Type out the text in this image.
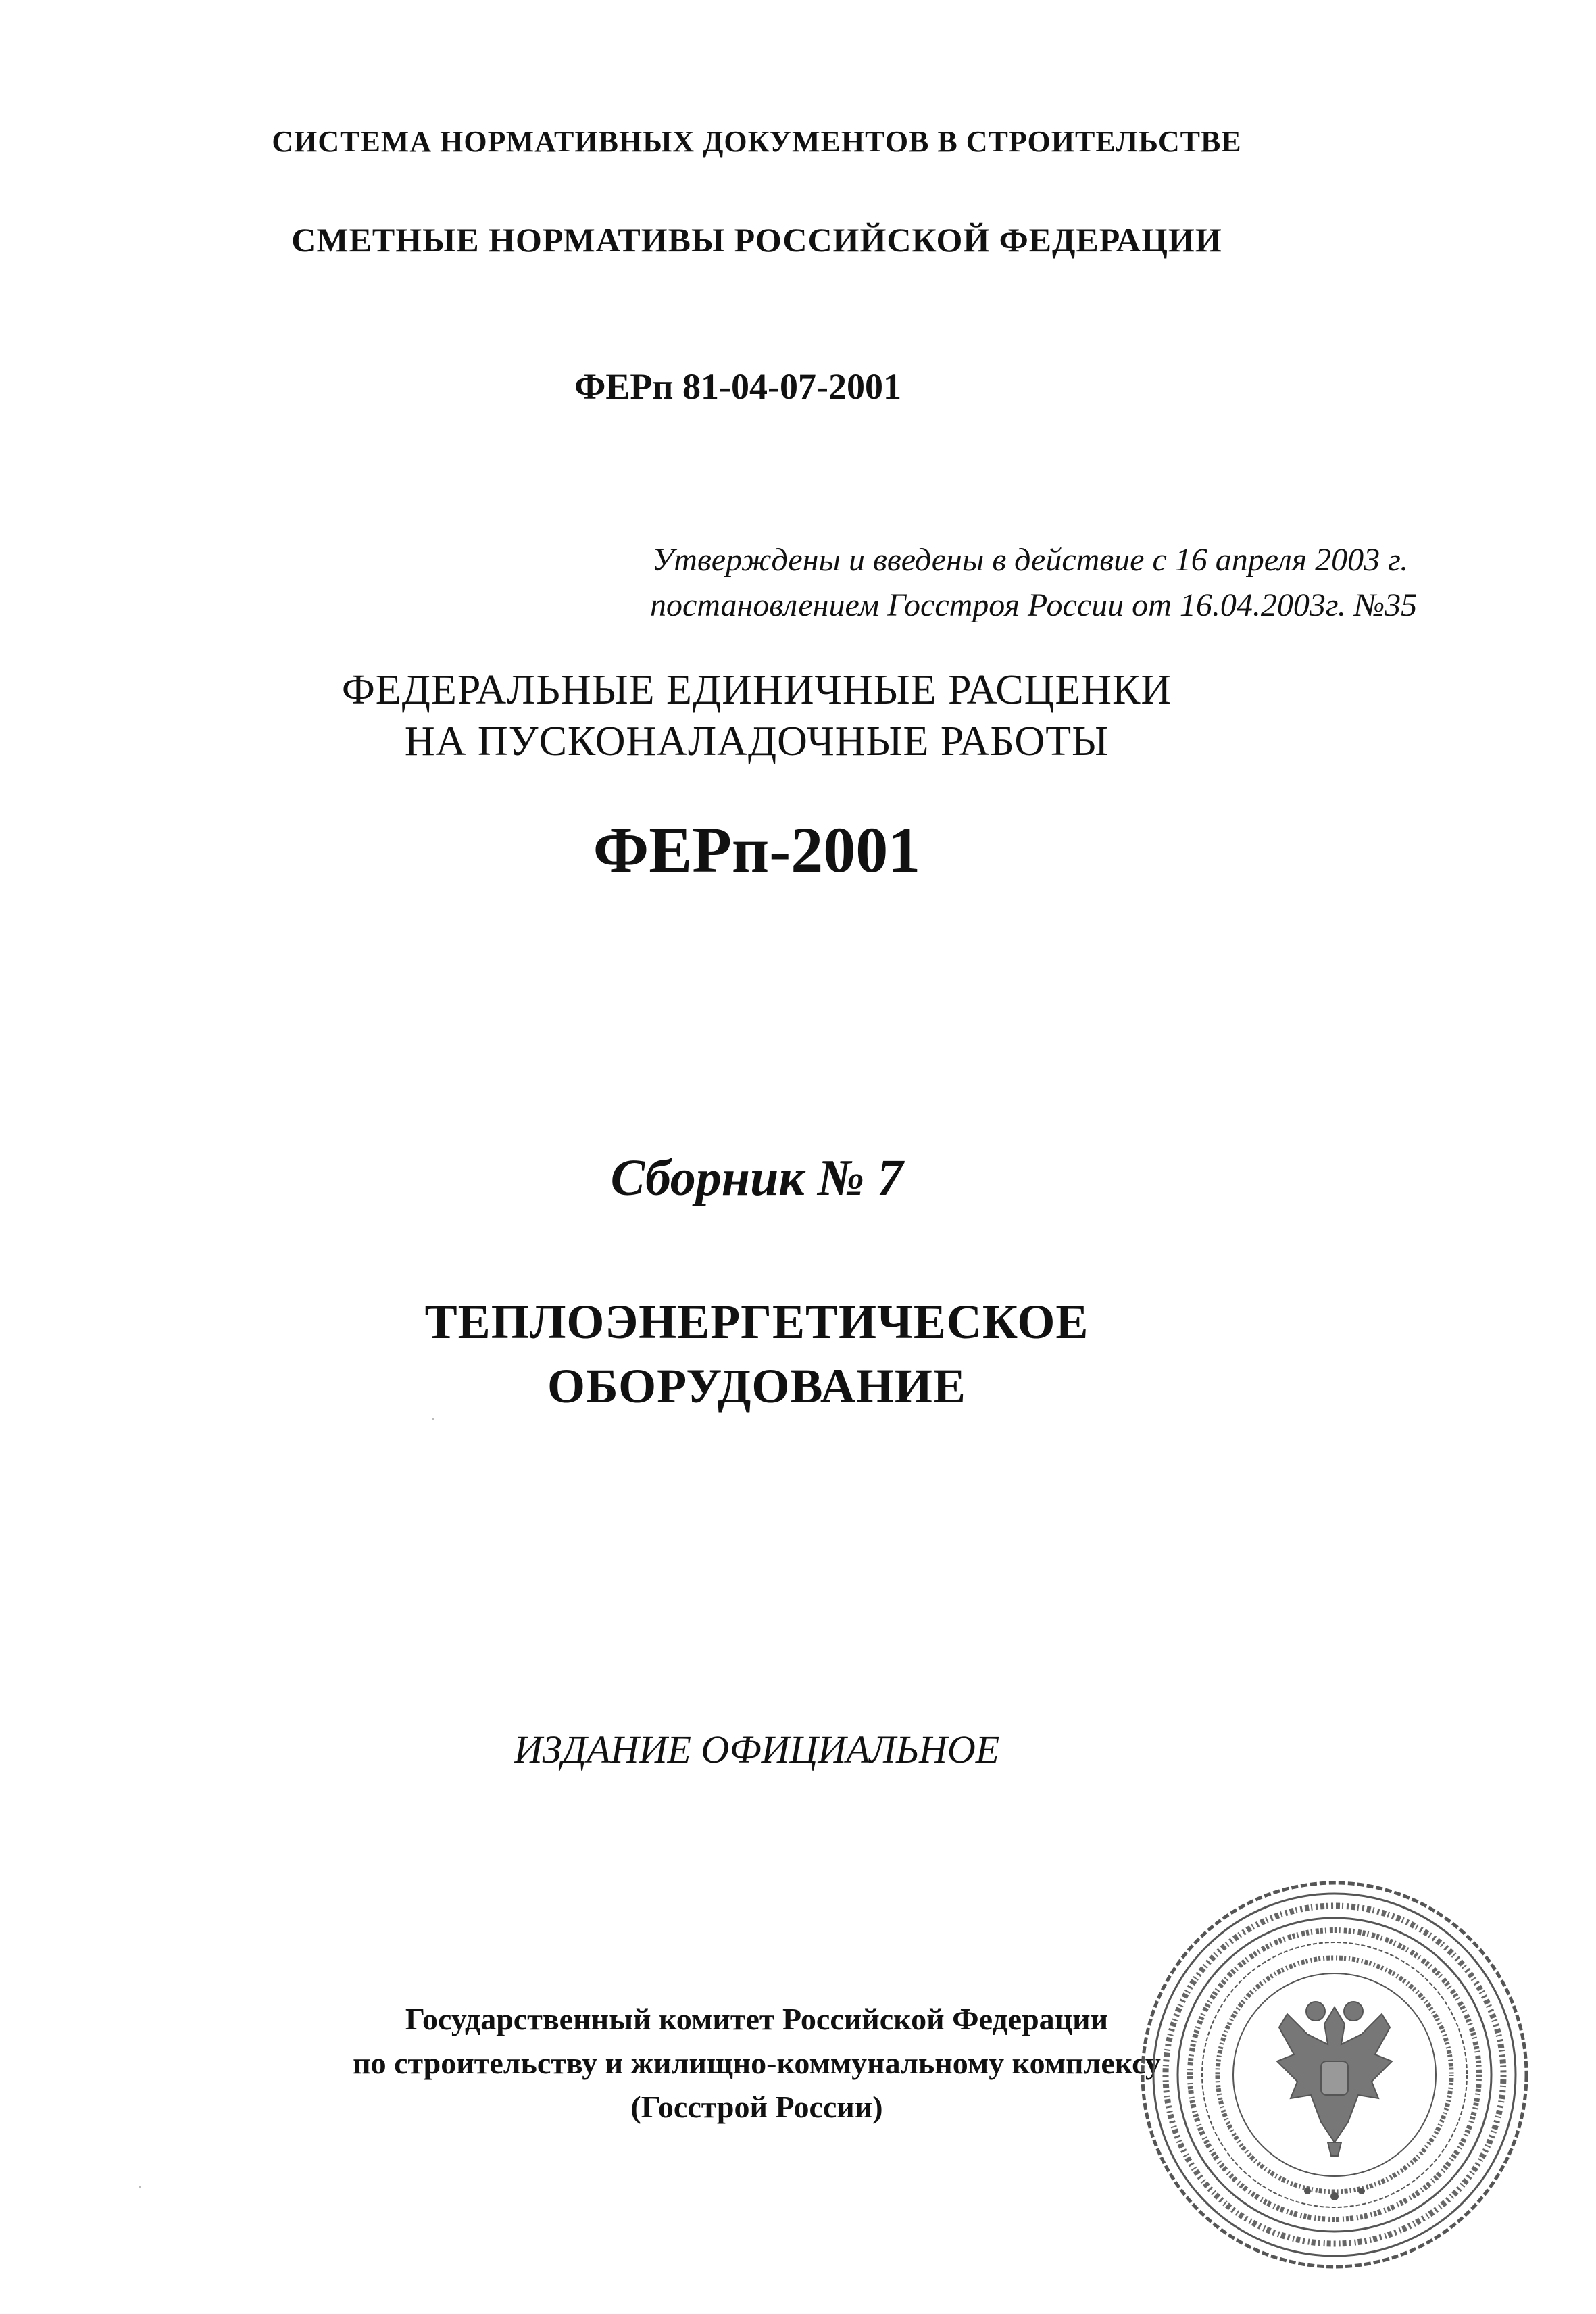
СИСТЕМА НОРМАТИВНЫХ ДОКУМЕНТОВ В СТРОИТЕЛЬСТВЕ
СМЕТНЫЕ НОРМАТИВЫ РОССИЙСКОЙ ФЕДЕРАЦИИ
ФЕРп 81-04-07-2001
Утверждены и введены в действие с 16 апреля 2003 г.
постановлением Госстроя России от 16.04.2003г. №35
ФЕДЕРАЛЬНЫЕ ЕДИНИЧНЫЕ РАСЦЕНКИ
НА ПУСКОНАЛАДОЧНЫЕ РАБОТЫ
ФЕРп-2001
Сборник № 7
ТЕПЛОЭНЕРГЕТИЧЕСКОЕ
ОБОРУДОВАНИЕ
ИЗДАНИЕ ОФИЦИАЛЬНОЕ
Государственный комитет Российской Федерации
по строительству и жилищно-коммунальному комплексу
(Госстрой России)
